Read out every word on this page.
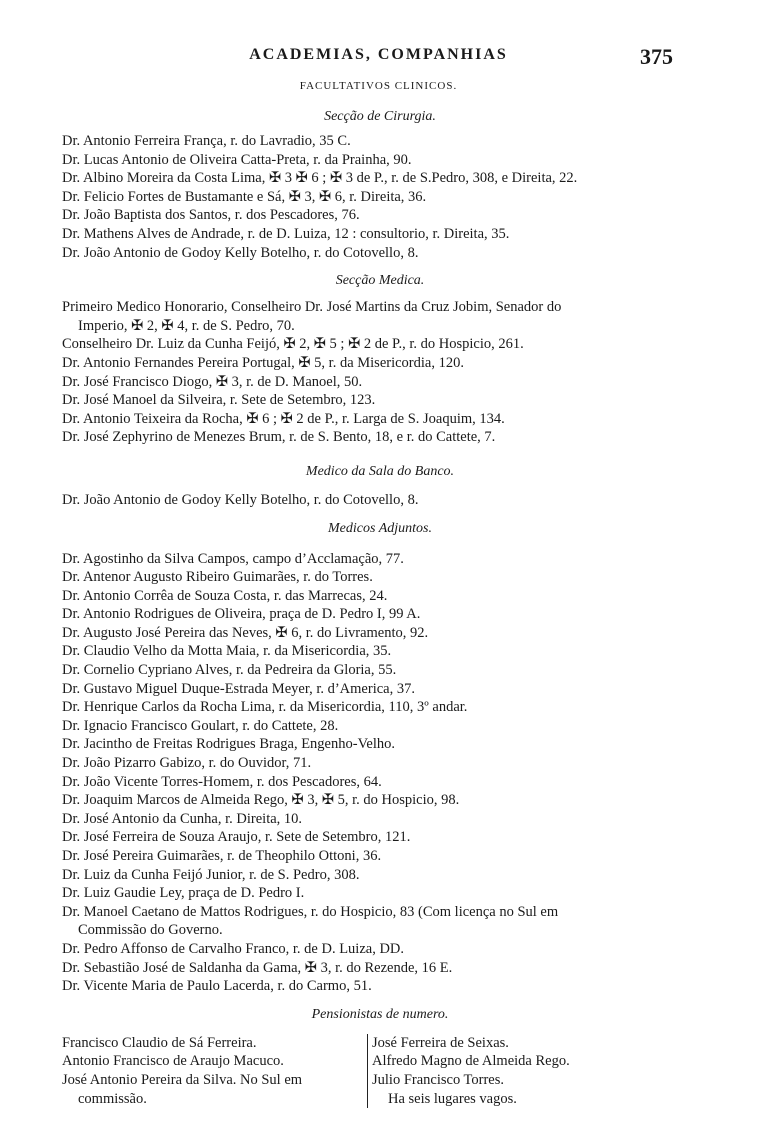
ACADEMIAS, COMPANHIAS	375
FACULTATIVOS CLINICOS.
Secção de Cirurgia.
Dr. Antonio Ferreira França, r. do Lavradio, 35 C.
Dr. Lucas Antonio de Oliveira Catta-Preta, r. da Prainha, 90.
Dr. Albino Moreira da Costa Lima, ✠ 3 ✠ 6 ; ✠ 3 de P., r. de S.Pedro, 308, e Direita, 22.
Dr. Felicio Fortes de Bustamante e Sá, ✠ 3, ✠ 6, r. Direita, 36.
Dr. João Baptista dos Santos, r. dos Pescadores, 76.
Dr. Mathens Alves de Andrade, r. de D. Luiza, 12 : consultorio, r. Direita, 35.
Dr. João Antonio de Godoy Kelly Botelho, r. do Cotovello, 8.
Secção Medica.
Primeiro Medico Honorario, Conselheiro Dr. José Martins da Cruz Jobim, Senador do
Imperio, ✠ 2, ✠ 4, r. de S. Pedro, 70.
Conselheiro Dr. Luiz da Cunha Feijó, ✠ 2, ✠ 5 ; ✠ 2 de P., r. do Hospicio, 261.
Dr. Antonio Fernandes Pereira Portugal, ✠ 5, r. da Misericordia, 120.
Dr. José Francisco Diogo, ✠ 3, r. de D. Manoel, 50.
Dr. José Manoel da Silveira, r. Sete de Setembro, 123.
Dr. Antonio Teixeira da Rocha, ✠ 6 ; ✠ 2 de P., r. Larga de S. Joaquim, 134.
Dr. José Zephyrino de Menezes Brum, r. de S. Bento, 18, e r. do Cattete, 7.
Medico da Sala do Banco.
Dr. João Antonio de Godoy Kelly Botelho, r. do Cotovello, 8.
Medicos Adjuntos.
Dr. Agostinho da Silva Campos, campo d’Acclamação, 77.
Dr. Antenor Augusto Ribeiro Guimarães, r. do Torres.
Dr. Antonio Corrêa de Souza Costa, r. das Marrecas, 24.
Dr. Antonio Rodrigues de Oliveira, praça de D. Pedro I, 99 A.
Dr. Augusto José Pereira das Neves, ✠ 6, r. do Livramento, 92.
Dr. Claudio Velho da Motta Maia, r. da Misericordia, 35.
Dr. Cornelio Cypriano Alves, r. da Pedreira da Gloria, 55.
Dr. Gustavo Miguel Duque-Estrada Meyer, r. d’America, 37.
Dr. Henrique Carlos da Rocha Lima, r. da Misericordia, 110, 3º andar.
Dr. Ignacio Francisco Goulart, r. do Cattete, 28.
Dr. Jacintho de Freitas Rodrigues Braga, Engenho-Velho.
Dr. João Pizarro Gabizo, r. do Ouvidor, 71.
Dr. João Vicente Torres-Homem, r. dos Pescadores, 64.
Dr. Joaquim Marcos de Almeida Rego, ✠ 3, ✠ 5, r. do Hospicio, 98.
Dr. José Antonio da Cunha, r. Direita, 10.
Dr. José Ferreira de Souza Araujo, r. Sete de Setembro, 121.
Dr. José Pereira Guimarães, r. de Theophilo Ottoni, 36.
Dr. Luiz da Cunha Feijó Junior, r. de S. Pedro, 308.
Dr. Luiz Gaudie Ley, praça de D. Pedro I.
Dr. Manoel Caetano de Mattos Rodrigues, r. do Hospicio, 83 (Com licença no Sul em
Commissão do Governo.
Dr. Pedro Affonso de Carvalho Franco, r. de D. Luiza, DD.
Dr. Sebastião José de Saldanha da Gama, ✠ 3, r. do Rezende, 16 E.
Dr. Vicente Maria de Paulo Lacerda, r. do Carmo, 51.
Pensionistas de numero.
Francisco Claudio de Sá Ferreira.
Antonio Francisco de Araujo Macuco.
José Antonio Pereira da Silva. No Sul em
commissão.
José Ferreira de Seixas.
Alfredo Magno de Almeida Rego.
Julio Francisco Torres.
Ha seis lugares vagos.
